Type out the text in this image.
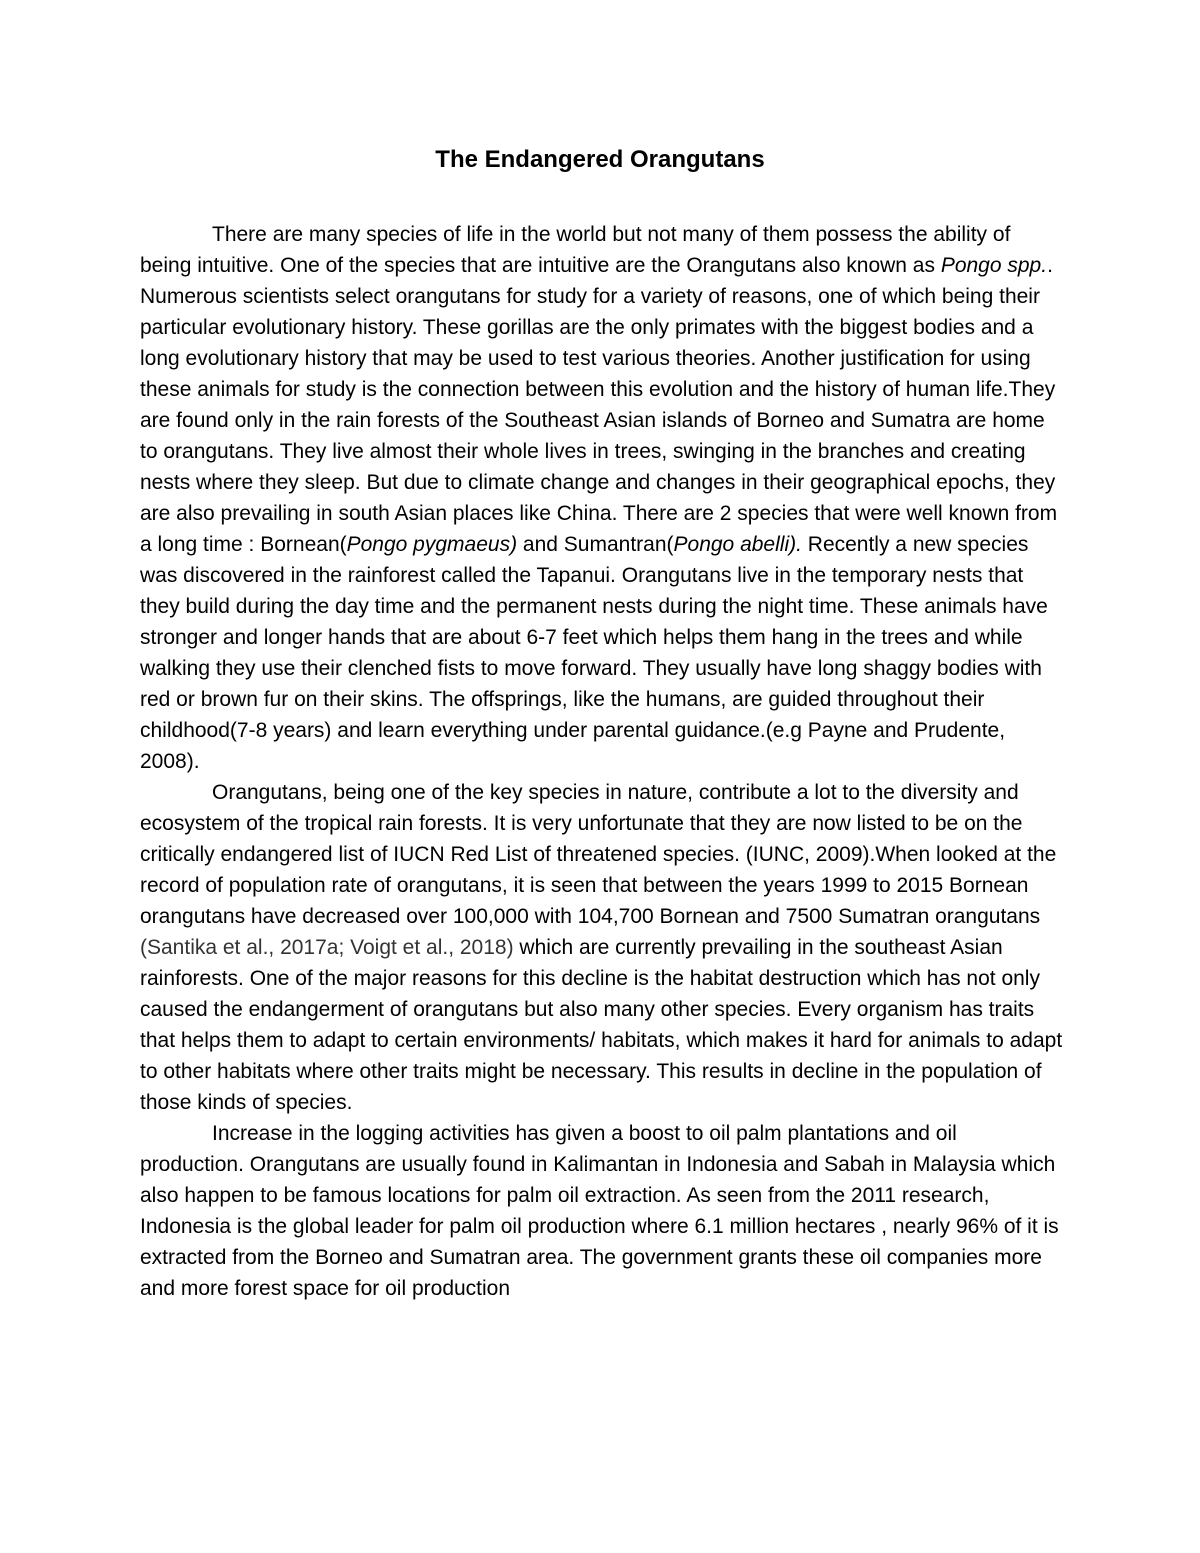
The Endangered Orangutans

There are many species of life in the world but not many of them possess the ability of being intuitive. One of the species that are intuitive are the Orangutans also known as Pongo spp.. Numerous scientists select orangutans for study for a variety of reasons, one of which being their particular evolutionary history. These gorillas are the only primates with the biggest bodies and a long evolutionary history that may be used to test various theories. Another justification for using these animals for study is the connection between this evolution and the history of human life.They are found only in the rain forests of the Southeast Asian islands of Borneo and Sumatra are home to orangutans. They live almost their whole lives in trees, swinging in the branches and creating nests where they sleep. But due to climate change and changes in their geographical epochs, they are also prevailing in south Asian places like China. There are 2 species that were well known from a long time : Bornean(Pongo pygmaeus) and Sumantran(Pongo abelli). Recently a new species was discovered in the rainforest called the Tapanui. Orangutans live in the temporary nests that they build during the day time and the permanent nests during the night time. These animals have stronger and longer hands that are about 6-7 feet which helps them hang in the trees and while walking they use their clenched fists to move forward. They usually have long shaggy bodies with red or brown fur on their skins. The offsprings, like the humans, are guided throughout their childhood(7-8 years) and learn everything under parental guidance.(e.g Payne and Prudente, 2008).

Orangutans, being one of the key species in nature, contribute a lot to the diversity and ecosystem of the tropical rain forests. It is very unfortunate that they are now listed to be on the critically endangered list of IUCN Red List of threatened species. (IUNC, 2009).When looked at the record of population rate of orangutans, it is seen that between the years 1999 to 2015 Bornean orangutans have decreased over 100,000 with 104,700 Bornean and 7500 Sumatran orangutans (Santika et al., 2017a; Voigt et al., 2018) which are currently prevailing in the southeast Asian rainforests. One of the major reasons for this decline is the habitat destruction which has not only caused the endangerment of orangutans but also many other species. Every organism has traits that helps them to adapt to certain environments/ habitats, which makes it hard for animals to adapt to other habitats where other traits might be necessary. This results in decline in the population of those kinds of species.

Increase in the logging activities has given a boost to oil palm plantations and oil production. Orangutans are usually found in Kalimantan in Indonesia and Sabah in Malaysia which also happen to be famous locations for palm oil extraction. As seen from the 2011 research, Indonesia is the global leader for palm oil production where 6.1 million hectares , nearly 96% of it is extracted from the Borneo and Sumatran area. The government grants these oil companies more and more forest space for oil production
